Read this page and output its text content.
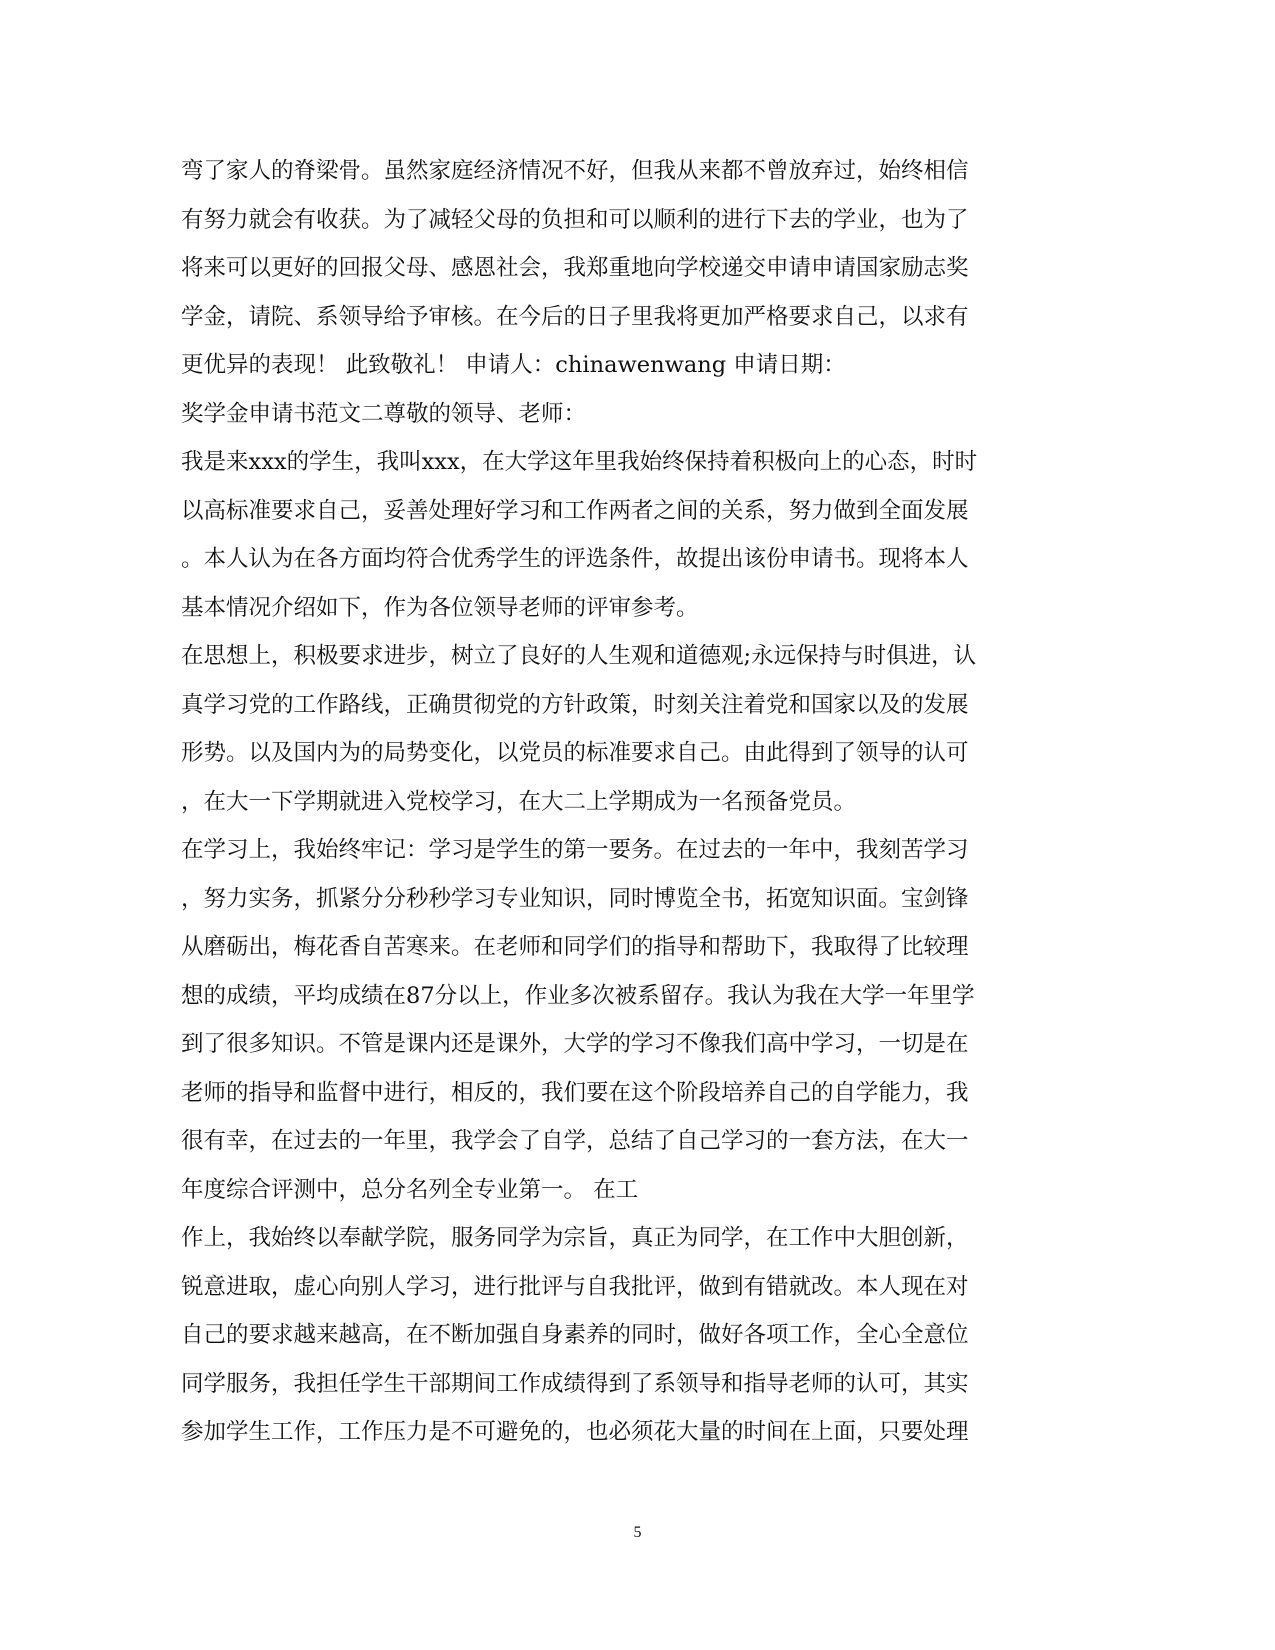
弯了家人的脊梁骨。虽然家庭经济情况不好，但我从来都不曾放弃过，始终相信
有努力就会有收获。为了减轻父母的负担和可以顺利的进行下去的学业，也为了
将来可以更好的回报父母、感恩社会，我郑重地向学校递交申请申请国家励志奖
学金，请院、系领导给予审核。在今后的日子里我将更加严格要求自己，以求有
更优异的表现！ 此致敬礼！ 申请人：chinawenwang 申请日期：
奖学金申请书范文二尊敬的领导、老师：
我是来xxx的学生，我叫xxx，在大学这年里我始终保持着积极向上的心态，时时
以高标准要求自己，妥善处理好学习和工作两者之间的关系，努力做到全面发展
。本人认为在各方面均符合优秀学生的评选条件，故提出该份申请书。现将本人
基本情况介绍如下，作为各位领导老师的评审参考。
在思想上，积极要求进步，树立了良好的人生观和道德观;永远保持与时俱进，认
真学习党的工作路线，正确贯彻党的方针政策，时刻关注着党和国家以及的发展
形势。以及国内为的局势变化，以党员的标准要求自己。由此得到了领导的认可
，在大一下学期就进入党校学习，在大二上学期成为一名预备党员。
在学习上，我始终牢记：学习是学生的第一要务。在过去的一年中，我刻苦学习
，努力实务，抓紧分分秒秒学习专业知识，同时博览全书，拓宽知识面。宝剑锋
从磨砺出，梅花香自苦寒来。在老师和同学们的指导和帮助下，我取得了比较理
想的成绩，平均成绩在87分以上，作业多次被系留存。我认为我在大学一年里学
到了很多知识。不管是课内还是课外，大学的学习不像我们高中学习，一切是在
老师的指导和监督中进行，相反的，我们要在这个阶段培养自己的自学能力，我
很有幸，在过去的一年里，我学会了自学，总结了自己学习的一套方法，在大一
年度综合评测中，总分名列全专业第一。 在工
作上，我始终以奉献学院，服务同学为宗旨，真正为同学，在工作中大胆创新，
锐意进取，虚心向别人学习，进行批评与自我批评，做到有错就改。本人现在对
自己的要求越来越高，在不断加强自身素养的同时，做好各项工作，全心全意位
同学服务，我担任学生干部期间工作成绩得到了系领导和指导老师的认可，其实
参加学生工作，工作压力是不可避免的，也必须花大量的时间在上面，只要处理
5
